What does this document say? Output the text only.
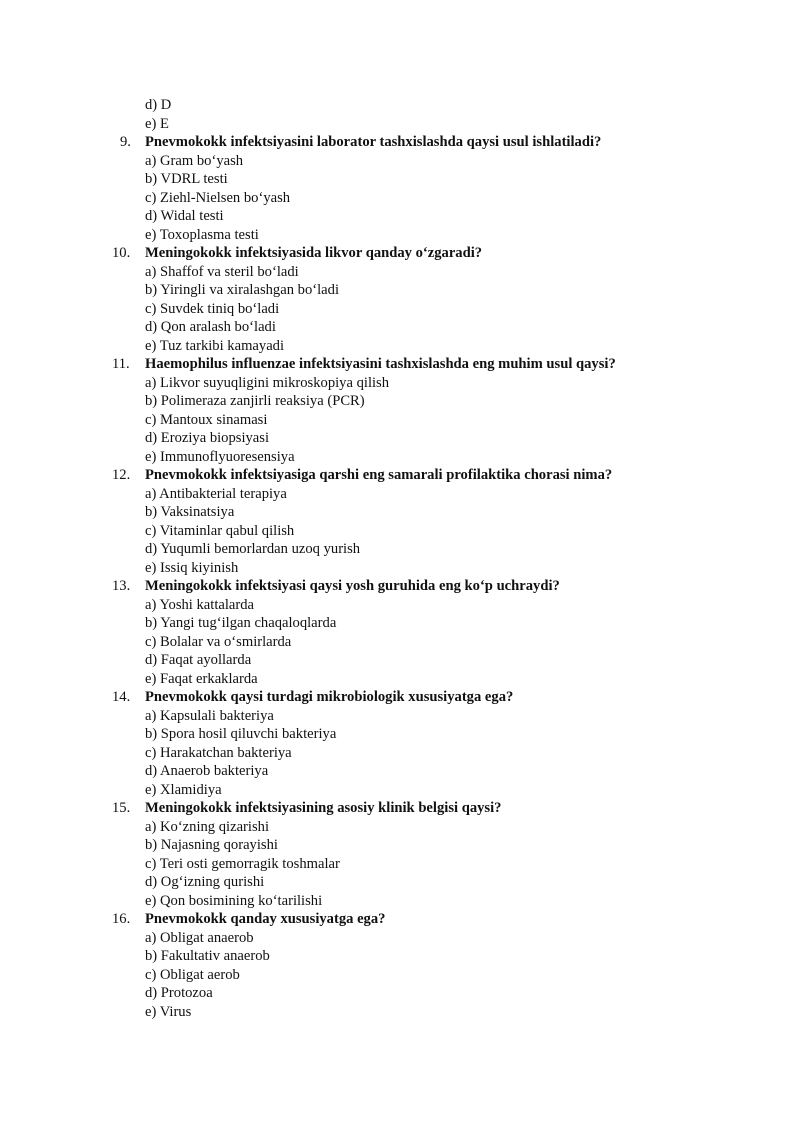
d) D
e) E
9. Pnevmokokk infektsiyasini laborator tashxislashda qaysi usul ishlatiladi?
a) Gram bo‘yash
b) VDRL testi
c) Ziehl-Nielsen bo‘yash
d) Widal testi
e) Toxoplasma testi
10. Meningokokk infektsiyasida likvor qanday o‘zgaradi?
a) Shaffof va steril bo‘ladi
b) Yiringli va xiralashgan bo‘ladi
c) Suvdek tiniq bo‘ladi
d) Qon aralash bo‘ladi
e) Tuz tarkibi kamayadi
11. Haemophilus influenzae infektsiyasini tashxislashda eng muhim usul qaysi?
a) Likvor suyuqligini mikroskopiya qilish
b) Polimeraza zanjirli reaksiya (PCR)
c) Mantoux sinamasi
d) Eroziya biopsiyasi
e) Immunoflyuoresensiya
12. Pnevmokokk infektsiyasiga qarshi eng samarali profilaktika chorasi nima?
a) Antibakterial terapiya
b) Vaksinatsiya
c) Vitaminlar qabul qilish
d) Yuqumli bemorlardan uzoq yurish
e) Issiq kiyinish
13. Meningokokk infektsiyasi qaysi yosh guruhida eng ko‘p uchraydi?
a) Yoshi kattalarda
b) Yangi tug‘ilgan chaqaloqlarda
c) Bolalar va o‘smirlarda
d) Faqat ayollarda
e) Faqat erkaklarda
14. Pnevmokokk qaysi turdagi mikrobiologik xususiyatga ega?
a) Kapsulali bakteriya
b) Spora hosil qiluvchi bakteriya
c) Harakatchan bakteriya
d) Anaerob bakteriya
e) Xlamidiya
15. Meningokokk infektsiyasining asosiy klinik belgisi qaysi?
a) Ko‘zning qizarishi
b) Najasning qorayishi
c) Teri osti gemorragik toshmalar
d) Og‘izning qurishi
e) Qon bosimining ko‘tarilishi
16. Pnevmokokk qanday xususiyatga ega?
a) Obligat anaerob
b) Fakultativ anaerob
c) Obligat aerob
d) Protozoa
e) Virus
